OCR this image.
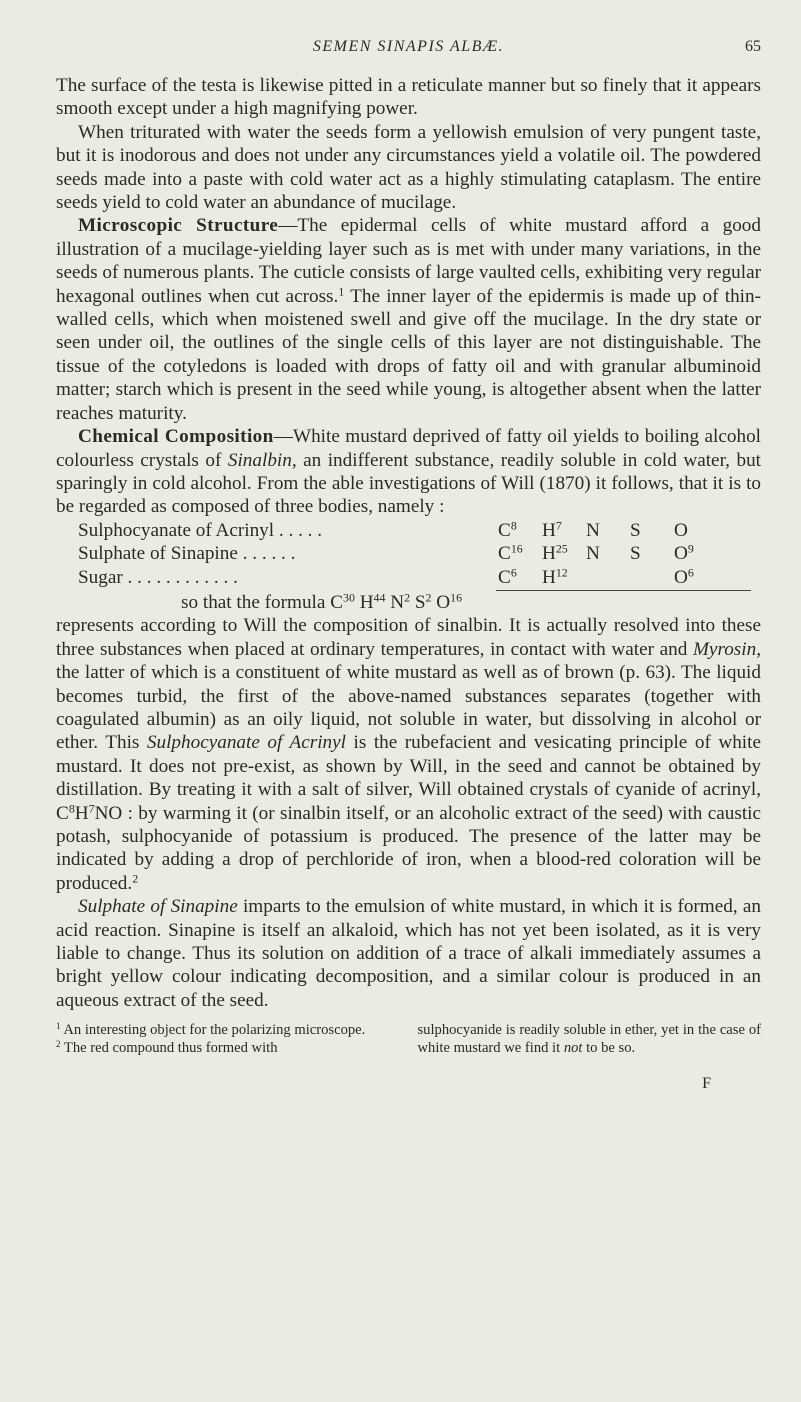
SEMEN SINAPIS ALBÆ.	65

The surface of the testa is likewise pitted in a reticulate manner but so finely that it appears smooth except under a high magnifying power.

When triturated with water the seeds form a yellowish emulsion of very pungent taste, but it is inodorous and does not under any circumstances yield a volatile oil. The powdered seeds made into a paste with cold water act as a highly stimulating cataplasm. The entire seeds yield to cold water an abundance of mucilage.

Microscopic Structure—The epidermal cells of white mustard afford a good illustration of a mucilage-yielding layer such as is met with under many variations, in the seeds of numerous plants. The cuticle consists of large vaulted cells, exhibiting very regular hexagonal outlines when cut across.$^1$ The inner layer of the epidermis is made up of thin-walled cells, which when moistened swell and give off the mucilage. In the dry state or seen under oil, the outlines of the single cells of this layer are not distinguishable. The tissue of the cotyledons is loaded with drops of fatty oil and with granular albuminoid matter; starch which is present in the seed while young, is altogether absent when the latter reaches maturity.

Chemical Composition—White mustard deprived of fatty oil yields to boiling alcohol colourless crystals of Sinalbin, an indifferent substance, readily soluble in cold water, but sparingly in cold alcohol. From the able investigations of Will (1870) it follows, that it is to be regarded as composed of three bodies, namely :

Sulphocyanate of Acrinyl . . . . .	$C^8$	$H^7$	N	S	O
Sulphate of Sinapine . . . . . .	$C^{16}$	$H^{25}$	N	S	$O^9$
Sugar . . . . . . . . . . . .	$C^6$	$H^{12}$			$O^6$

so that the formula $C^{30}$ $H^{44}$ $N^2$ $S^2$ $O^{16}$

represents according to Will the composition of sinalbin. It is actually resolved into these three substances when placed at ordinary temperatures, in contact with water and Myrosin, the latter of which is a constituent of white mustard as well as of brown (p. 63). The liquid becomes turbid, the first of the above-named substances separates (together with coagulated albumin) as an oily liquid, not soluble in water, but dissolving in alcohol or ether. This Sulphocyanate of Acrinyl is the rubefacient and vesicating principle of white mustard. It does not pre-exist, as shown by Will, in the seed and cannot be obtained by distillation. By treating it with a salt of silver, Will obtained crystals of cyanide of acrinyl, $C^8H^7NO$ : by warming it (or sinalbin itself, or an alcoholic extract of the seed) with caustic potash, sulphocyanide of potassium is produced. The presence of the latter may be indicated by adding a drop of perchloride of iron, when a blood-red coloration will be produced.$^2$

Sulphate of Sinapine imparts to the emulsion of white mustard, in which it is formed, an acid reaction. Sinapine is itself an alkaloid, which has not yet been isolated, as it is very liable to change. Thus its solution on addition of a trace of alkali immediately assumes a bright yellow colour indicating decomposition, and a similar colour is produced in an aqueous extract of the seed.

$^1$ An interesting object for the polarizing microscope.

$^2$ The red compound thus formed with

sulphocyanide is readily soluble in ether, yet in the case of white mustard we find it not to be so.

F
